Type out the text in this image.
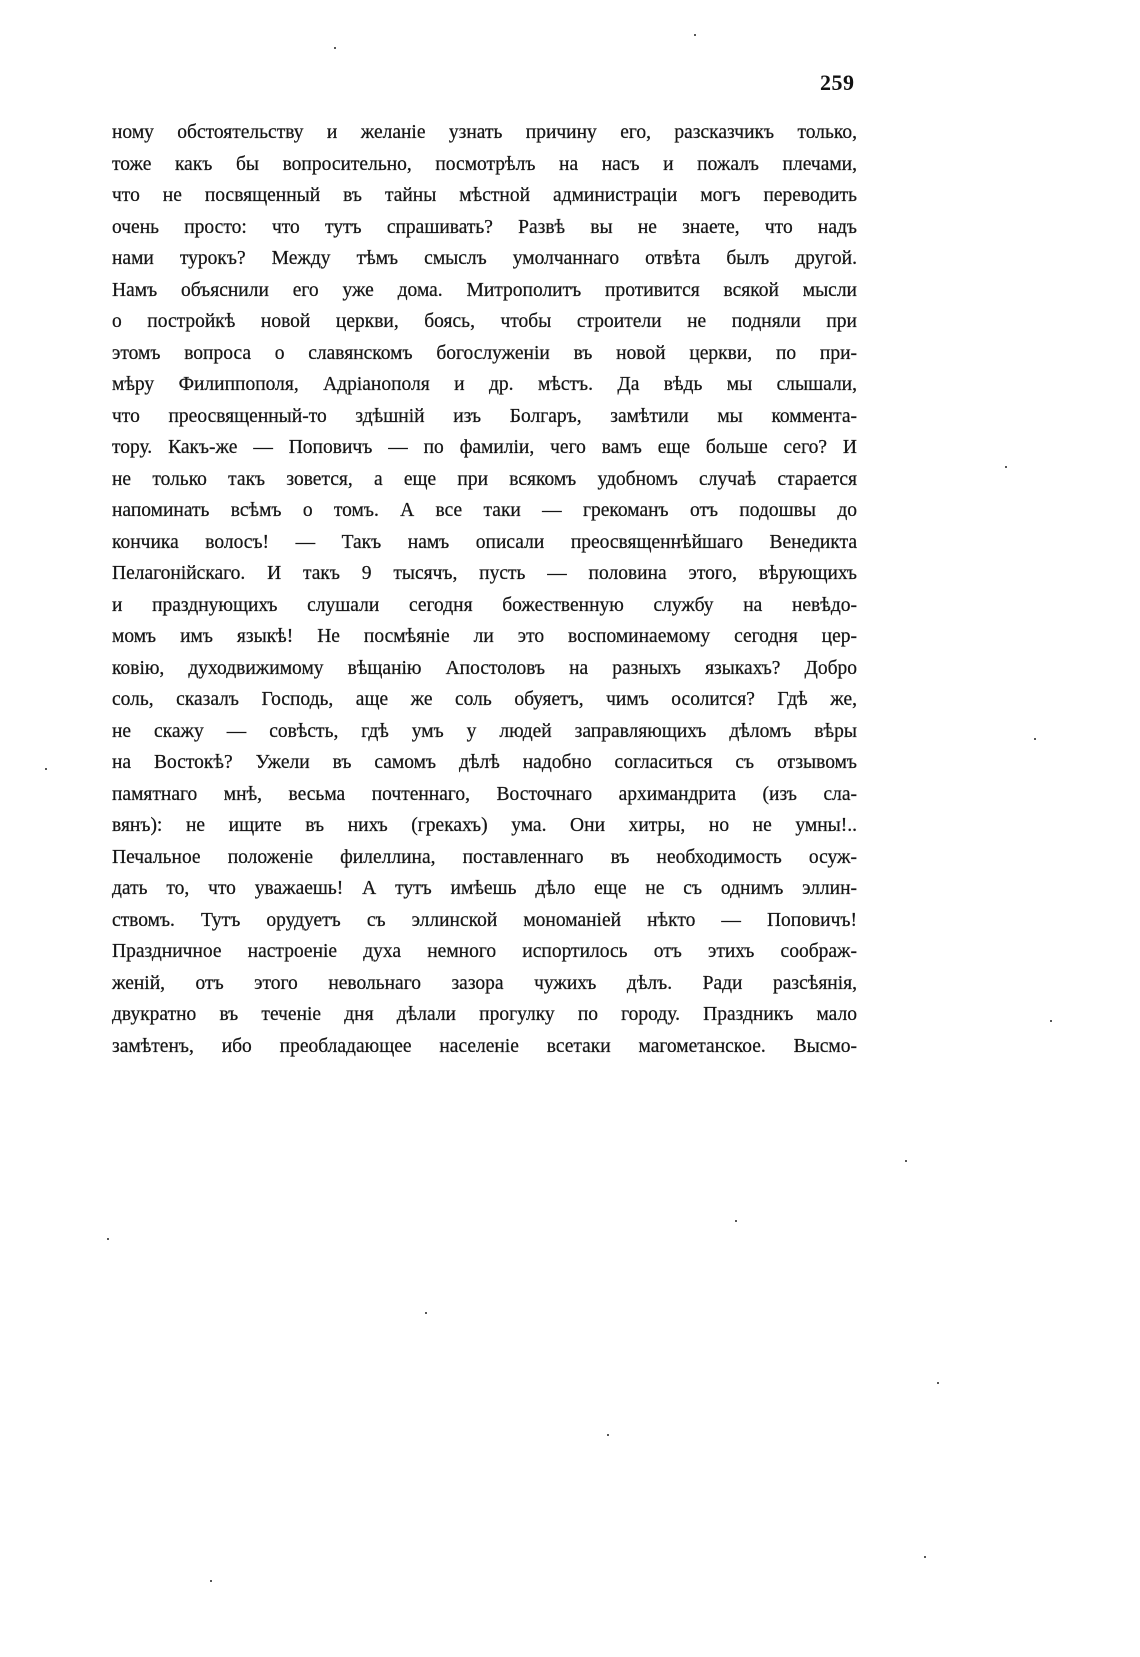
259
ному обстоятельству и желаніе узнать причину его, разсказчикъ только,
тоже какъ бы вопросительно, посмотрѣлъ на насъ и пожалъ плечами,
что не посвященный въ тайны мѣстной администраціи могъ переводить
очень просто: что тутъ спрашивать? Развѣ вы не знаете, что надъ
нами турокъ? Между тѣмъ смыслъ умолчаннаго отвѣта былъ другой.
Намъ объяснили его уже дома. Митрополитъ противится всякой мысли
о постройкѣ новой церкви, боясь, чтобы строители не подняли при
этомъ вопроса о славянскомъ богослуженіи въ новой церкви, по при-
мѣру Филиппополя, Адріанополя и др. мѣстъ. Да вѣдь мы слышали,
что преосвященный-то здѣшній изъ Болгаръ, замѣтили мы коммента-
тору. Какъ-же — Поповичъ — по фамиліи, чего вамъ еще больше сего? И
не только такъ зовется, а еще при всякомъ удобномъ случаѣ старается
напоминать всѣмъ о томъ. А все таки — грекоманъ отъ подошвы до
кончика волосъ! — Такъ намъ описали преосвященнѣйшаго Венедикта
Пелагонійскаго. И такъ 9 тысячъ, пусть — половина этого, вѣрующихъ
и празднующихъ слушали сегодня божественную службу на невѣдо-
момъ имъ языкѣ! Не посмѣяніе ли это воспоминаемому сегодня цер-
ковію, духодвижимому вѣщанію Апостоловъ на разныхъ языкахъ? Добро
соль, сказалъ Господь, аще же соль обуяетъ, чимъ осолится? Гдѣ же,
не скажу — совѣсть, гдѣ умъ у людей заправляющихъ дѣломъ вѣры
на Востокѣ? Ужели въ самомъ дѣлѣ надобно согласиться съ отзывомъ
памятнаго мнѣ, весьма почтеннаго, Восточнаго архимандрита (изъ сла-
вянъ): не ищите въ нихъ (грекахъ) ума. Они хитры, но не умны!..
Печальное положеніе филеллина, поставленнаго въ необходимость осуж-
дать то, что уважаешь! А тутъ имѣешь дѣло еще не съ однимъ эллин-
ствомъ. Тутъ орудуетъ съ эллинской мономаніей нѣкто — Поповичъ!
Праздничное настроеніе духа немного испортилось отъ этихъ соображ-
женій, отъ этого невольнаго зазора чужихъ дѣлъ. Ради разсѣянія,
двукратно въ теченіе дня дѣлали прогулку по городу. Праздникъ мало
замѣтенъ, ибо преобладающее населеніе всетаки магометанское. Высмо-
